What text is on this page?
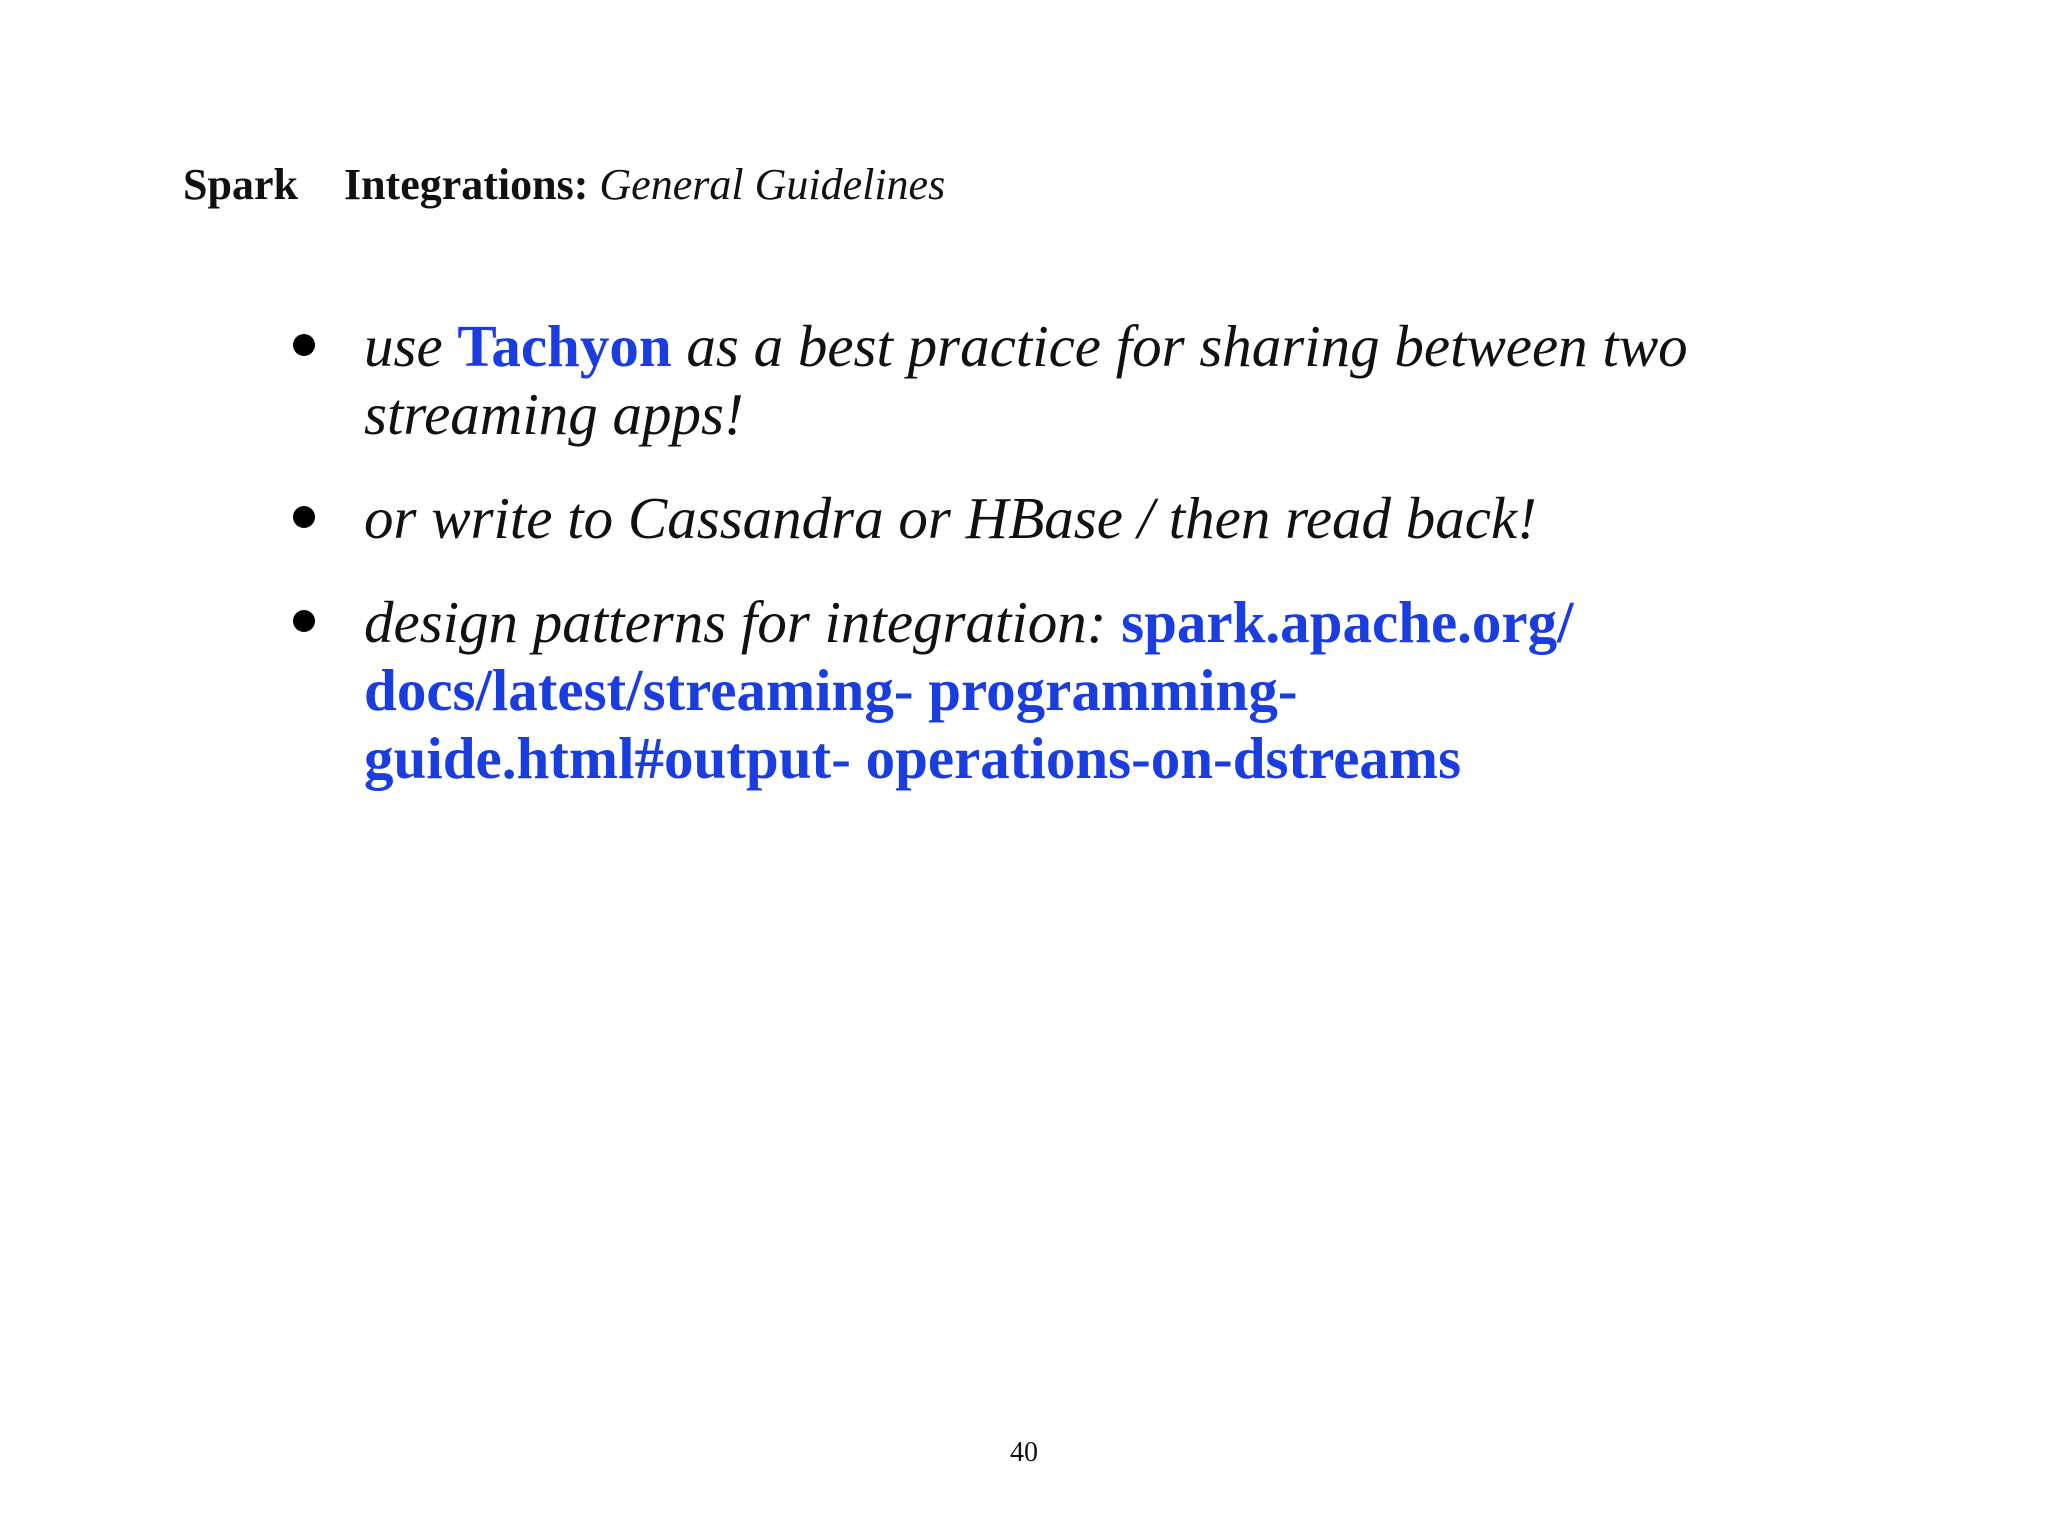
Spark Integrations: General Guidelines
use Tachyon as a best practice for sharing between two streaming apps!
or write to Cassandra or HBase / then read back!
design patterns for integration: spark.apache.org/ docs/latest/streaming- programming- guide.html#output- operations-on-dstreams
40
